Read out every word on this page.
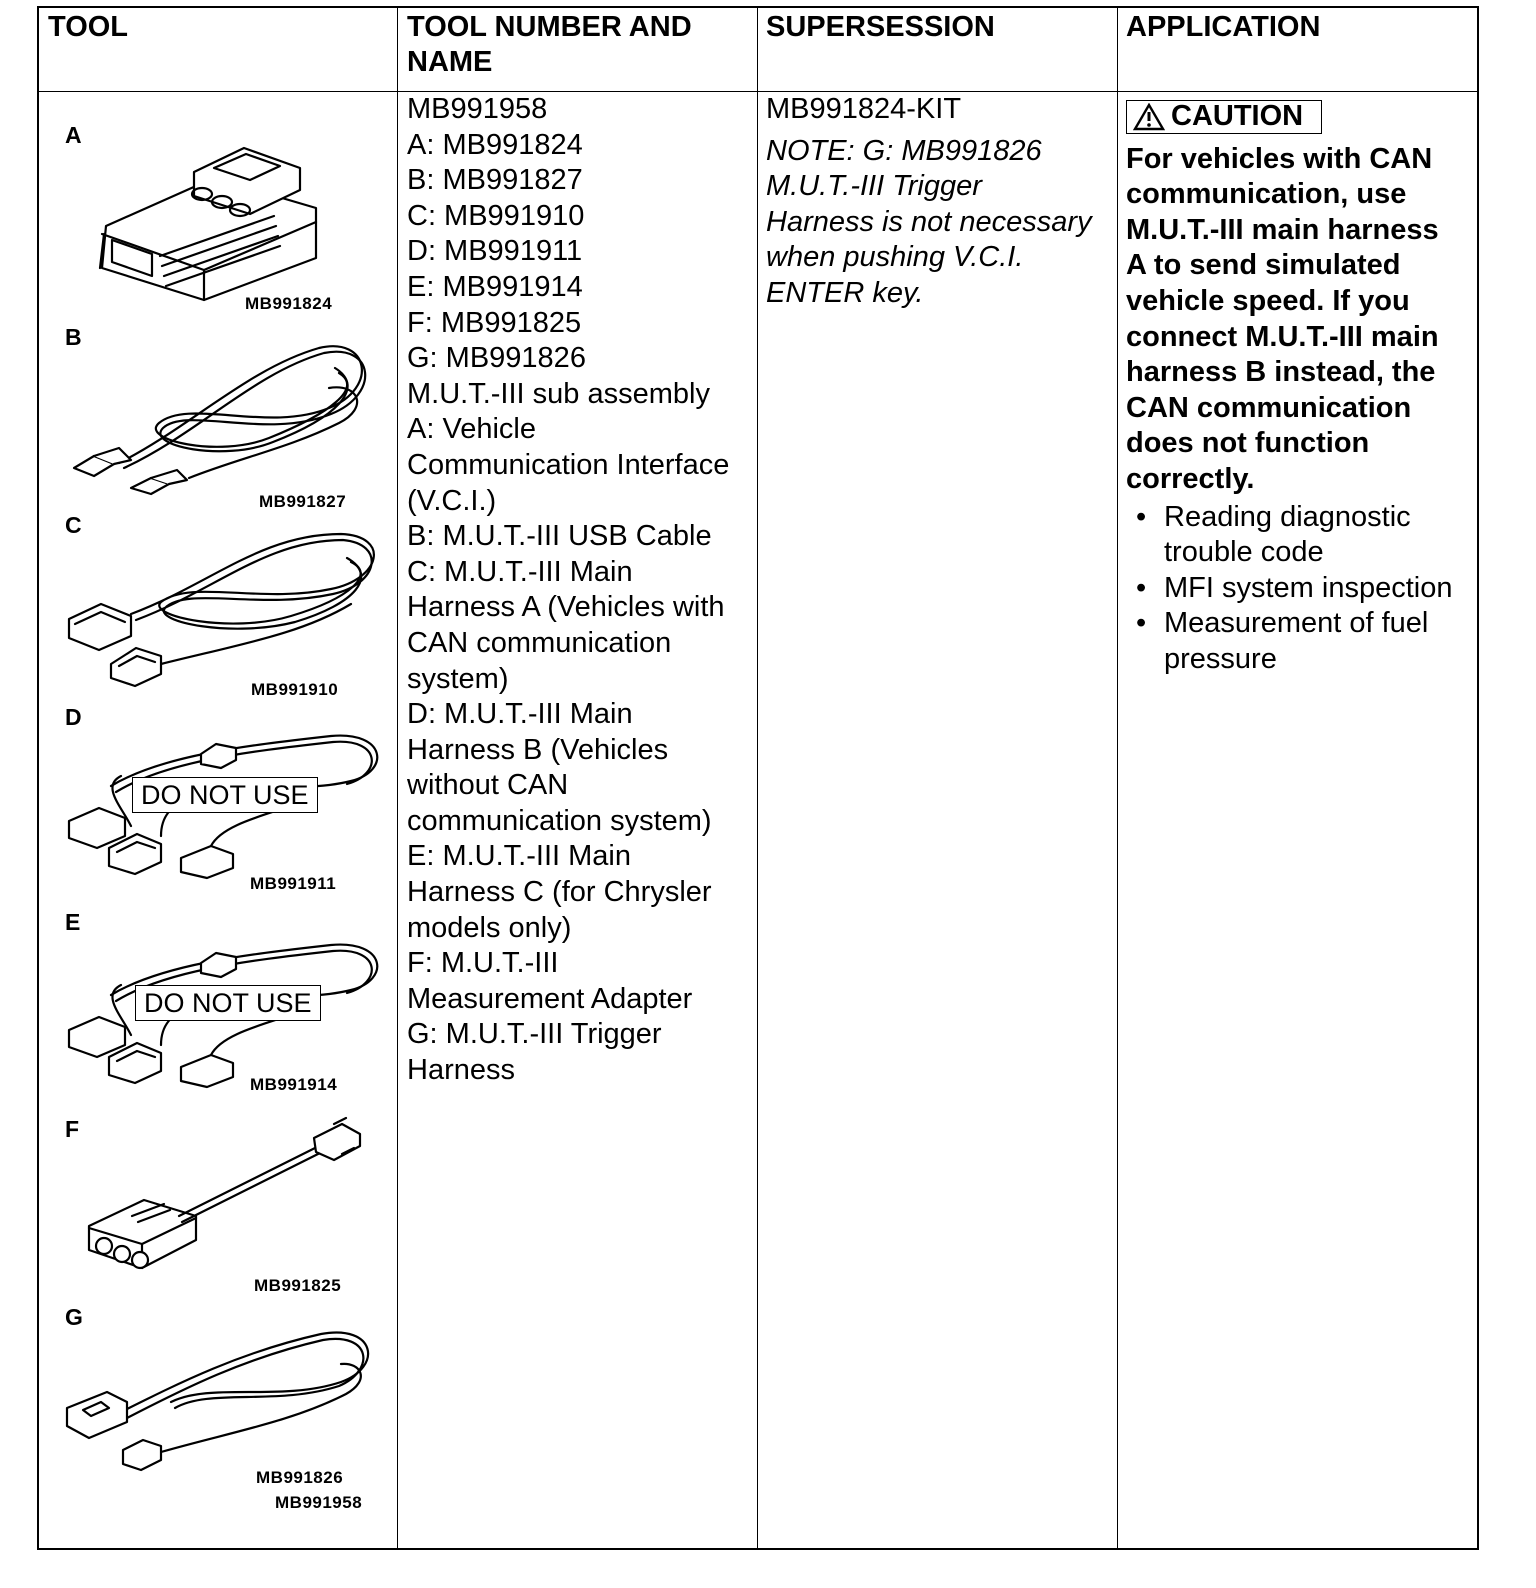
TOOL	TOOL NUMBER AND NAME
SUPERSESSION	APPLICATION
A
MB991824
B
MB991827
C
MB991910
D
DO NOT USE
MB991911
E
DO NOT USE
MB991914
F
MB991825
G
MB991826
MB991958
MB991958
A: MB991824
B: MB991827
C: MB991910
D: MB991911
E: MB991914
F: MB991825
G: MB991826
M.U.T.-III sub assembly
A: Vehicle
Communication Interface
(V.C.I.)
B: M.U.T.-III USB Cable
C: M.U.T.-III Main
Harness A (Vehicles with
CAN communication
system)
D: M.U.T.-III Main
Harness B (Vehicles
without CAN
communication system)
E: M.U.T.-III Main
Harness C (for Chrysler
models only)
F: M.U.T.-III
Measurement Adapter
G: M.U.T.-III Trigger
Harness
MB991824-KIT
NOTE: G: MB991826
M.U.T.-III Trigger
Harness is not necessary
when pushing V.C.I.
ENTER key.
CAUTION
For vehicles with CAN
communication, use
M.U.T.-III main harness
A to send simulated
vehicle speed. If you
connect M.U.T.-III main
harness B instead, the
CAN communication
does not function
correctly.
• Reading diagnostic
trouble code
• MFI system inspection
• Measurement of fuel
pressure
